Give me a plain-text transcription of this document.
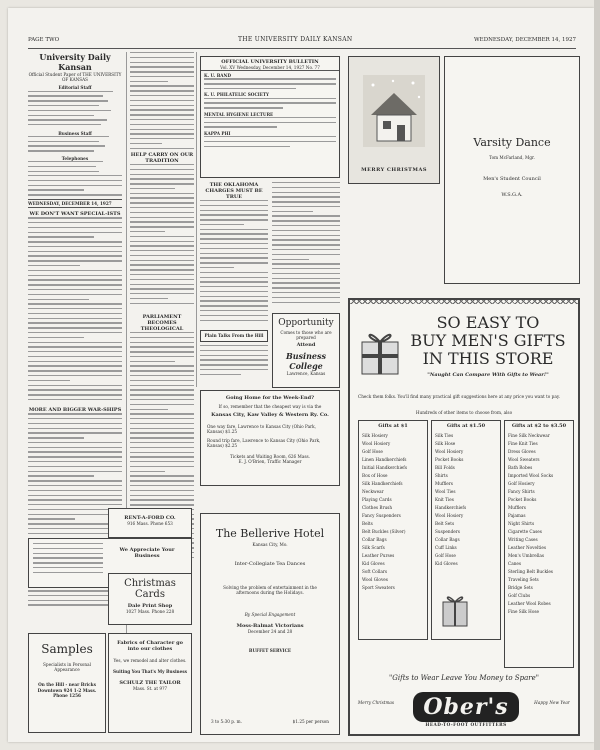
PAGE TWO	THE UNIVERSITY DAILY KANSAN	WEDNESDAY, DECEMBER 14, 1927
University Daily Kansan
Official Student Paper of THE UNIVERSITY OF KANSAS
Editorial Staff
Business Staff
Telephones
WEDNESDAY, DECEMBER 14, 1927
WE DON'T WANT SPECIAL-ISTS
MORE AND BIGGER WAR-SHIPS
HELP CARRY ON OUR TRADITION
PARLIAMENT BECOMES THEOLOGICAL
We Appreciate Your Business
RENT-A-FORD CO.
916 Mass. Phone 653
Christmas Cards
Dale Print Shop
1027 Mass. Phone 228
Samples
Specialists in Personal Appearance
On the Hill - near Bricks Downtown 924 1-2 Mass. Phone 1256
Fabrics of Character go into our clothes
Yes, we remodel and alter clothes.
Suiting You That's My Business
SCHULZ THE TAILOR
Mass. St. at 9?7
OFFICIAL UNIVERSITY BULLETIN
Vol. XV Wednesday, December 14, 1927 No. 77
K. U. BAND
K. U. PHILATELIC SOCIETY
MENTAL HYGIENE LECTURE
KAPPA PHI
THE OKLAHOMA CHARGES MUST BE TRUE
Plain Talks From the Hill
Opportunity
Comes to those who are prepared
Attend
Business College
Lawrence, Kansas
MERRY CHRISTMAS
Varsity Dance
Tom McFarland, Mgr.
Men's Student Council
W.S.G.A.
Going Home for the Week-End?
If so, remember that the cheapest way is via the
Kansas City, Kaw Valley & Western Ry. Co.
One way fare, Lawrence to Kansas City (Ohio Park, Kansas) $1.25
Round trip fare, Lawrence to Kansas City (Ohio Park, Kansas) $2.25
Tickets and Waiting Room, 626 Mass.
E. J. O'Brien, Traffic Manager
The Bellerive Hotel
Kansas City, Mo.
Inter-Collegiate Tea Dances
Solving the problem of entertainment in the afternoons during the Holidays.
By Special Engagement
Moss-Balmat Victorians
December 24 and 28
BUFFET SERVICE
3 to 5:30 p. m.	$1.25 per person
SO EASY TO
BUY MEN'S GIFTS
IN THIS STORE
"Naught Can Compare With Gifts to Wear!"
Check them folks. You'll find many practical gift suggestions here at any price you want to pay.
Hundreds of other items to choose from, also
Gifts at $1
Silk Hosiery
Wool Hosiery
Golf Hose
Linen Handkerchiefs
Initial Handkerchiefs
Box of Hose
Silk Handkerchiefs
Neckwear
Playing Cards
Clothes Brush
Fancy Suspenders
Belts
Belt Buckles (Silver)
Collar Bags
Silk Scarfs
Leather Purses
Kid Gloves
Soft Collars
Wool Gloves
Sport Sweaters
Gifts at $1.50
Silk Ties
Silk Hose
Wool Hosiery
Pocket Books
Bill Folds
Shirts
Mufflers
Wool Ties
Knit Ties
Handkerchiefs
Wool Hosiery
Belt Sets
Suspenders
Collar Bags
Cuff Links
Golf Hose
Kid Gloves
Gifts at $2 to $3.50
Fine Silk Neckwear
Fine Knit Ties
Dress Gloves
Wool Sweaters
Bath Robes
Imported Wool Socks
Golf Hosiery
Fancy Shirts
Pocket Books
Mufflers
Pajamas
Night Shirts
Cigarette Cases
Writing Cases
Leather Novelties
Men's Umbrellas
Canes
Sterling Belt Buckles
Traveling Sets
Bridge Sets
Golf Clubs
Leather Wool Robes
Fine Silk Hose
"Gifts to Wear Leave You Money to Spare"
Merry Christmas	Ober's
HEAD-TO-FOOT OUTFITTERS
Happy New Year
